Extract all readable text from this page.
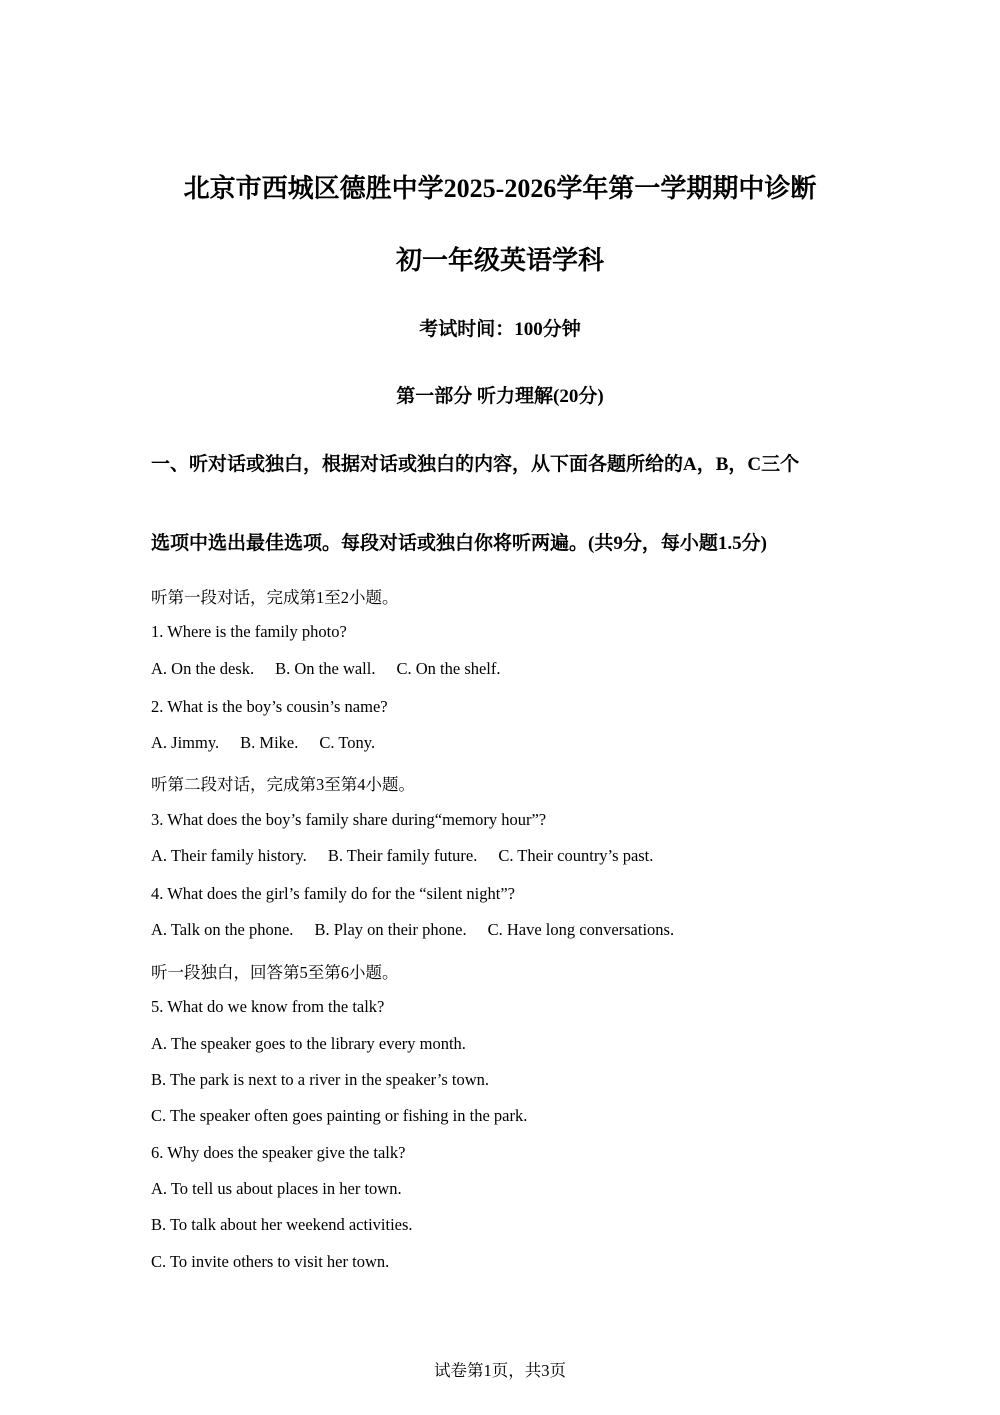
北京市西城区德胜中学2025-2026学年第一学期期中诊断
初一年级英语学科
考试时间：100分钟
第一部分 听力理解(20分)
一、听对话或独白，根据对话或独白的内容，从下面各题所给的A，B，C三个
选项中选出最佳选项。每段对话或独白你将听两遍。(共9分，每小题1.5分)
听第一段对话，完成第1至2小题。
1. Where is the family photo?
A. On the desk. B. On the wall. C. On the shelf.
2. What is the boy’s cousin’s name?
A. Jimmy. B. Mike. C. Tony.
听第二段对话，完成第3至第4小题。
3. What does the boy’s family share during“memory hour”?
A. Their family history. B. Their family future. C. Their country’s past.
4. What does the girl’s family do for the “silent night”?
A. Talk on the phone. B. Play on their phone. C. Have long conversations.
听一段独白，回答第5至第6小题。
5. What do we know from the talk?
A. The speaker goes to the library every month.
B. The park is next to a river in the speaker’s town.
C. The speaker often goes painting or fishing in the park.
6. Why does the speaker give the talk?
A. To tell us about places in her town.
B. To talk about her weekend activities.
C. To invite others to visit her town.
试卷第1页，共3页
